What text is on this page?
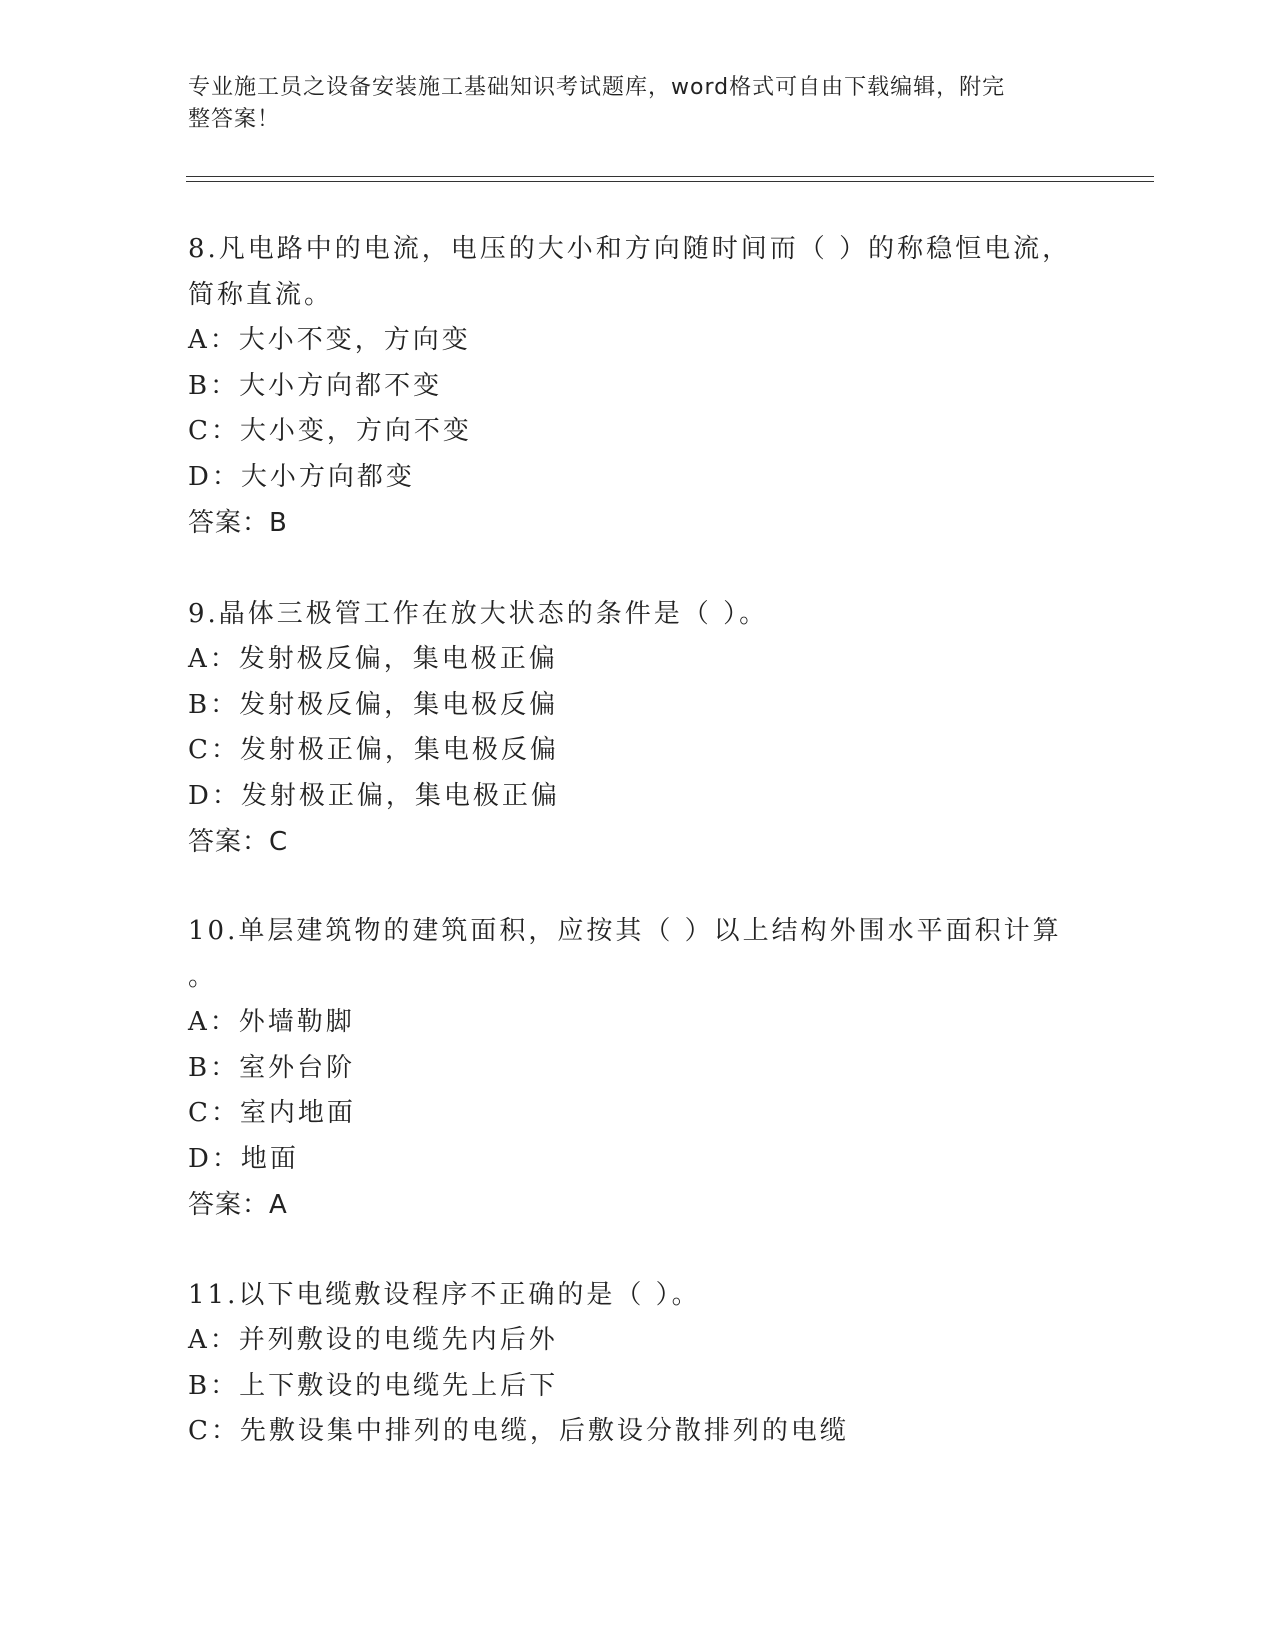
专业施工员之设备安装施工基础知识考试题库，word格式可自由下载编辑，附完
整答案！
8.凡电路中的电流，电压的大小和方向随时间而（ ）的称稳恒电流，
简称直流。
A：大小不变，方向变
B：大小方向都不变
C：大小变，方向不变
D：大小方向都变
答案：B
9.晶体三极管工作在放大状态的条件是（ ）。
A：发射极反偏，集电极正偏
B：发射极反偏，集电极反偏
C：发射极正偏，集电极反偏
D：发射极正偏，集电极正偏
答案：C
10.单层建筑物的建筑面积，应按其（ ）以上结构外围水平面积计算
。
A：外墙勒脚
B：室外台阶
C：室内地面
D：地面
答案：A
11.以下电缆敷设程序不正确的是（ ）。
A：并列敷设的电缆先内后外
B：上下敷设的电缆先上后下
C：先敷设集中排列的电缆，后敷设分散排列的电缆
